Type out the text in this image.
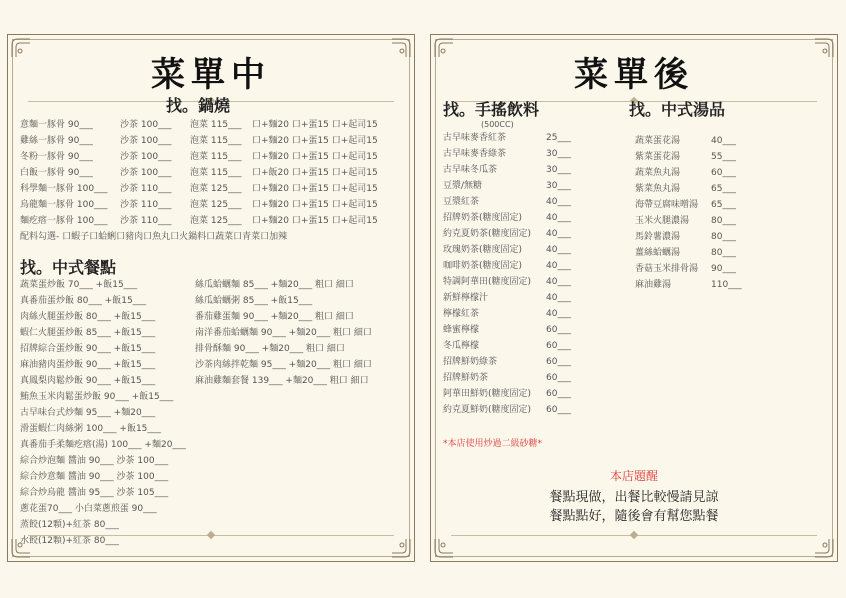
菜單中
找。鍋燒
意麵一豚骨 90___	沙茶 100___ 泡菜 115___ 口+麵20 口+蛋15 口+起司15
雞絲一豚骨 90___	沙茶 100___ 泡菜 115___ 口+麵20 口+蛋15 口+起司15
冬粉一豚骨 90___	沙茶 100___ 泡菜 115___ 口+麵20 口+蛋15 口+起司15
白飯一豚骨 90___	沙茶 100___ 泡菜 115___ 口+飯20 口+蛋15 口+起司15
科學麵一豚骨 100___ 沙茶 110___ 泡菜 125___ 口+麵20 口+蛋15 口+起司15
烏龍麵一豚骨 100___ 沙茶 110___ 泡菜 125___ 口+麵20 口+蛋15 口+起司15
麵疙瘩一豚骨 100___ 沙茶 110___ 泡菜 125___ 口+麵20 口+蛋15 口+起司15
配料勾選- 口蝦子口蛤蜊口豬肉口魚丸口火鍋料口蔬菜口青菜口加辣
找。中式餐點
蔬菜蛋炒飯 70___ +飯15___
真番茄蛋炒飯 80___ +飯15___
肉絲火腿蛋炒飯 80___ +飯15___
蝦仁火腿蛋炒飯 85___ +飯15___
招牌綜合蛋炒飯 90___ +飯15___
麻油豬肉蛋炒飯 90___ +飯15___
真鳳梨肉鬆炒飯 90___ +飯15___
鮪魚玉米肉鬆蛋炒飯 90___ +飯15___
古早味台式炒麵 95___ +麵20___
滑蛋蝦仁肉絲粥 100___ +飯15___
真番茄手柔麵疙瘩(湯) 100___ +麵20___
綜合炒泡麵 醬油 90___ 沙茶 100___
綜合炒意麵 醬油 90___ 沙茶 100___
綜合炒烏龍 醬油 95___ 沙茶 105___
蔥花蛋70___ 小白菜蔥煎蛋 90___
蒸餃(12顆)+紅茶 80___
水餃(12顆)+紅茶 80___
絲瓜蛤蠣麵 85___ +麵20___ 粗口 細口
絲瓜蛤蠣粥 85___ +飯15___
番茄雞蛋麵 90___ +麵20___ 粗口 細口
南洋番茄蛤蠣麵 90___ +麵20___ 粗口 細口
排骨酥麵 90___ +麵20___ 粗口 細口
沙茶肉絲拌乾麵 95___ +麵20___ 粗口 細口
麻油雞麵套餐 139___ +麵20___ 粗口 細口
菜單後
找。手搖飲料
(500CC)
古早味麥香紅茶	25___
古早味麥香綠茶	30___
古早味冬瓜茶	30___
豆漿/無糖	30___
豆漿紅茶	40___
招牌奶茶(糖度固定)	40___
約克夏奶茶(糖度固定) 40___
玫瑰奶茶(糖度固定)	40___
咖啡奶茶(糖度固定)	40___
特調阿華田(糖度固定) 40___
新鮮檸檬汁	40___
檸檬紅茶	40___
蜂蜜檸檬	60___
冬瓜檸檬	60___
招牌鮮奶綠茶	60___
招牌鮮奶茶	60___
阿華田鮮奶(糖度固定) 60___
約克夏鮮奶(糖度固定) 60___
*本店使用炒過二級砂糖*
找。中式湯品
蔬菜蛋花湯	40___
紫菜蛋花湯	55___
蔬菜魚丸湯	60___
紫菜魚丸湯	65___
海帶豆腐味噌湯 65___
玉米火腿濃湯 80___
馬鈴薯濃湯	80___
薑絲蛤蠣湯	80___
香菇玉米排骨湯 90___
麻油雞湯	110___
本店題醒
餐點現做，出餐比較慢請見諒
餐點點好，隨後會有幫您點餐
